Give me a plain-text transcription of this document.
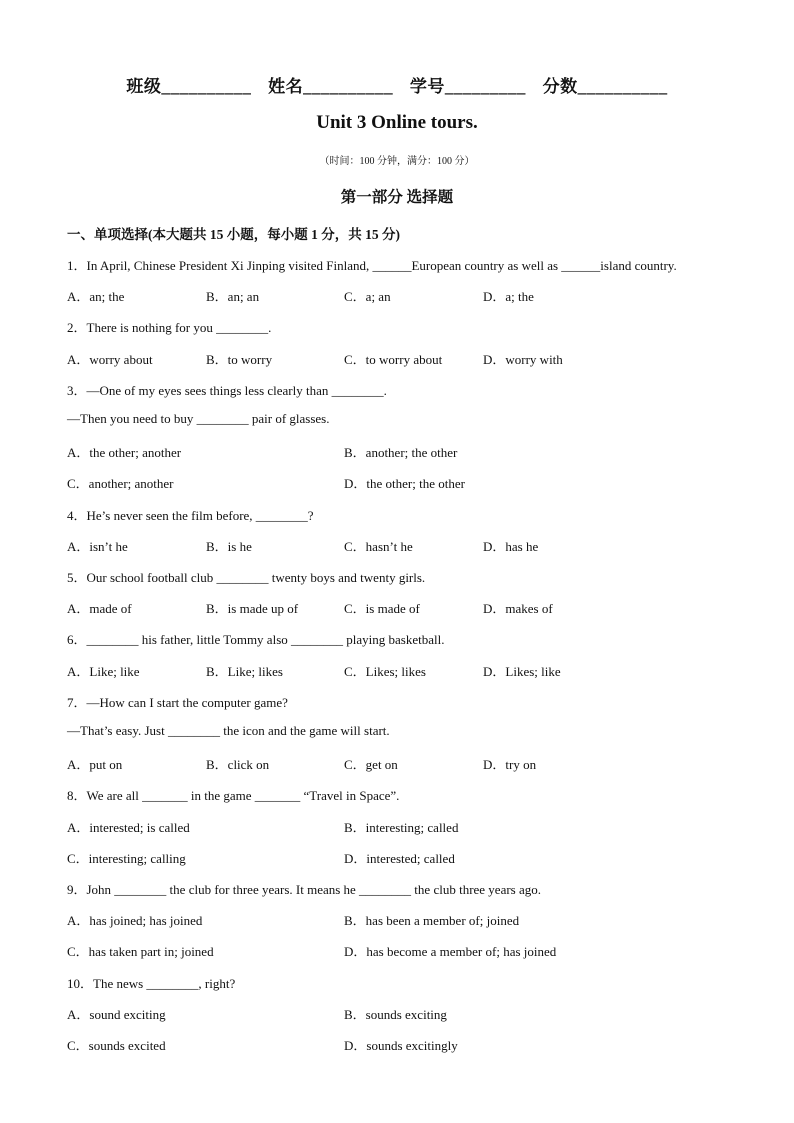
班级__________ 姓名__________ 学号_________ 分数__________
Unit 3 Online tours.
（时间：100 分钟，满分：100 分）
第一部分 选择题
一、单项选择(本大题共 15 小题，每小题 1 分，共 15 分)
1．In April, Chinese President Xi Jinping visited Finland, ______European country as well as ______island country.
A．an; the	B．an; an	C．a; an	D．a; the
2．There is nothing for you ________.
A．worry about	B．to worry	C．to worry about	D．worry with
3．—One of my eyes sees things less clearly than ________.
—Then you need to buy ________ pair of glasses.
A．the other; another	B．another; the other
C．another; another	D．the other; the other
4．He’s never seen the film before, ________?
A．isn’t he	B．is he	C．hasn’t he	D．has he
5．Our school football club ________ twenty boys and twenty girls.
A．made of	B．is made up of	C．is made of	D．makes of
6．________ his father, little Tommy also ________ playing basketball.
A．Like; like	B．Like; likes	C．Likes; likes	D．Likes; like
7．—How can I start the computer game?
—That’s easy. Just ________ the icon and the game will start.
A．put on	B．click on	C．get on	D．try on
8．We are all _______ in the game _______ “Travel in Space”.
A．interested; is called	B．interesting; called
C．interesting; calling	D．interested; called
9．John ________ the club for three years. It means he ________ the club three years ago.
A．has joined; has joined	B．has been a member of; joined
C．has taken part in; joined	D．has become a member of; has joined
10．The news ________, right?
A．sound exciting	B．sounds exciting
C．sounds excited	D．sounds excitingly
